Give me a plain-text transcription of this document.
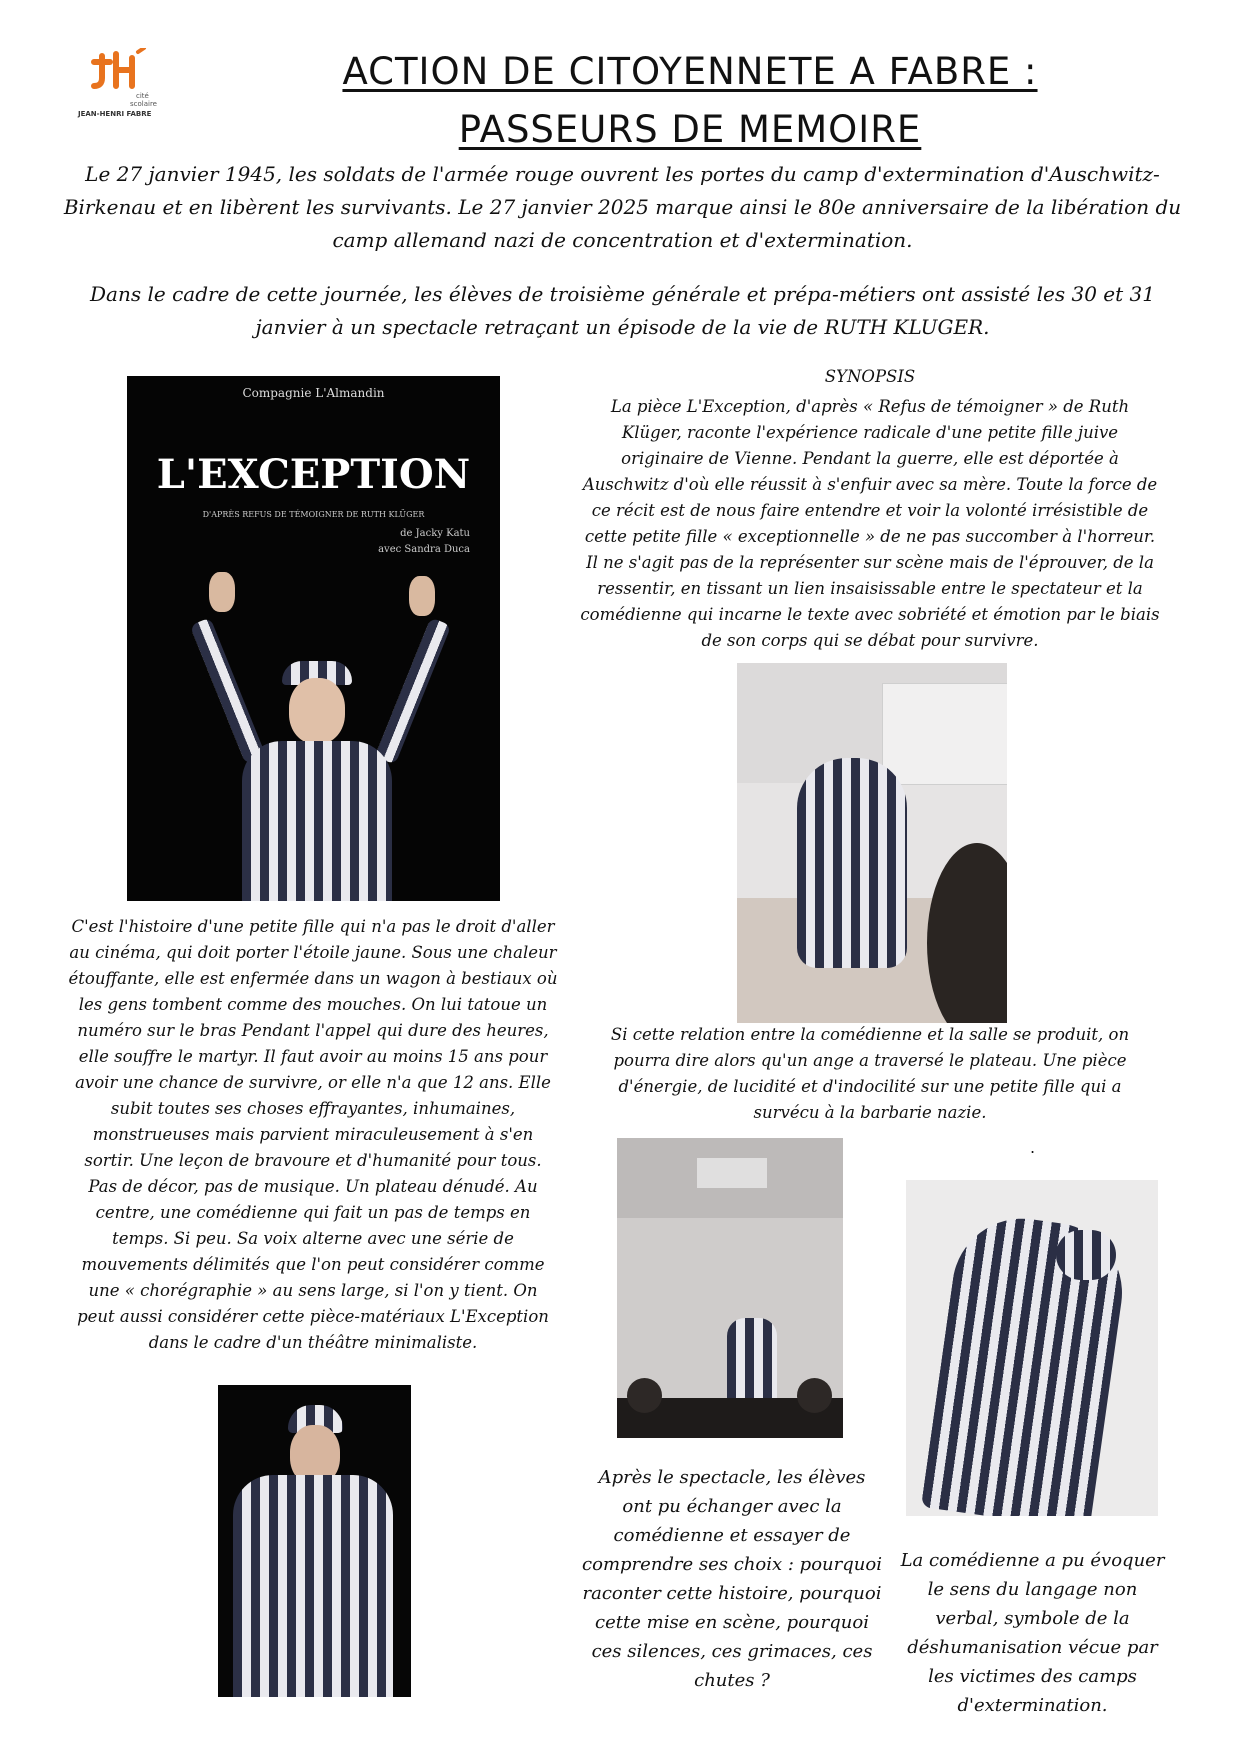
cité
scolaire
JEAN-HENRI FABRE
ACTION DE CITOYENNETE A FABRE :
PASSEURS DE MEMOIRE
Le 27 janvier 1945, les soldats de l'armée rouge ouvrent les portes du camp d'extermination d'Auschwitz-Birkenau et en libèrent les survivants. Le 27 janvier 2025 marque ainsi le 80e anniversaire de la libération du camp allemand nazi de concentration et d'extermination.
Dans le cadre de cette journée, les élèves de troisième générale et prépa-métiers ont assisté les 30 et 31 janvier à un spectacle retraçant un épisode de la vie de RUTH KLUGER.
Compagnie L'Almandin
L'EXCEPTION
D'APRÈS REFUS DE TÉMOIGNER DE RUTH KLÜGER
de Jacky Katu
avec Sandra Duca
SYNOPSIS
La pièce L'Exception, d'après « Refus de témoigner » de Ruth Klüger, raconte l'expérience radicale d'une petite fille juive originaire de Vienne. Pendant la guerre, elle est déportée à Auschwitz d'où elle réussit à s'enfuir avec sa mère. Toute la force de ce récit est de nous faire entendre et voir la volonté irrésistible de cette petite fille « exceptionnelle » de ne pas succomber à l'horreur. Il ne s'agit pas de la représenter sur scène mais de l'éprouver, de la ressentir, en tissant un lien insaisissable entre le spectateur et la comédienne qui incarne le texte avec sobriété et émotion par le biais de son corps qui se débat pour survivre.
C'est l'histoire d'une petite fille qui n'a pas le droit d'aller au cinéma, qui doit porter l'étoile jaune. Sous une chaleur étouffante, elle est enfermée dans un wagon à bestiaux où les gens tombent comme des mouches. On lui tatoue un numéro sur le bras Pendant l'appel qui dure des heures, elle souffre le martyr. Il faut avoir au moins 15 ans pour avoir une chance de survivre, or elle n'a que 12 ans. Elle subit toutes ses choses effrayantes, inhumaines, monstrueuses mais parvient miraculeusement à s'en sortir. Une leçon de bravoure et d'humanité pour tous. Pas de décor, pas de musique. Un plateau dénudé. Au centre, une comédienne qui fait un pas de temps en temps. Si peu. Sa voix alterne avec une série de mouvements délimités que l'on peut considérer comme une « chorégraphie » au sens large, si l'on y tient. On peut aussi considérer cette pièce-matériaux L'Exception dans le cadre d'un théâtre minimaliste.
Si cette relation entre la comédienne et la salle se produit, on pourra dire alors qu'un ange a traversé le plateau. Une pièce d'énergie, de lucidité et d'indocilité sur une petite fille qui a survécu à la barbarie nazie.
.
Après le spectacle, les élèves ont pu échanger avec la comédienne et essayer de comprendre ses choix : pourquoi raconter cette histoire, pourquoi cette mise en scène, pourquoi ces silences, ces grimaces, ces chutes ?
La comédienne a pu évoquer le sens du langage non verbal, symbole de la déshumanisation vécue par les victimes des camps d'extermination.
